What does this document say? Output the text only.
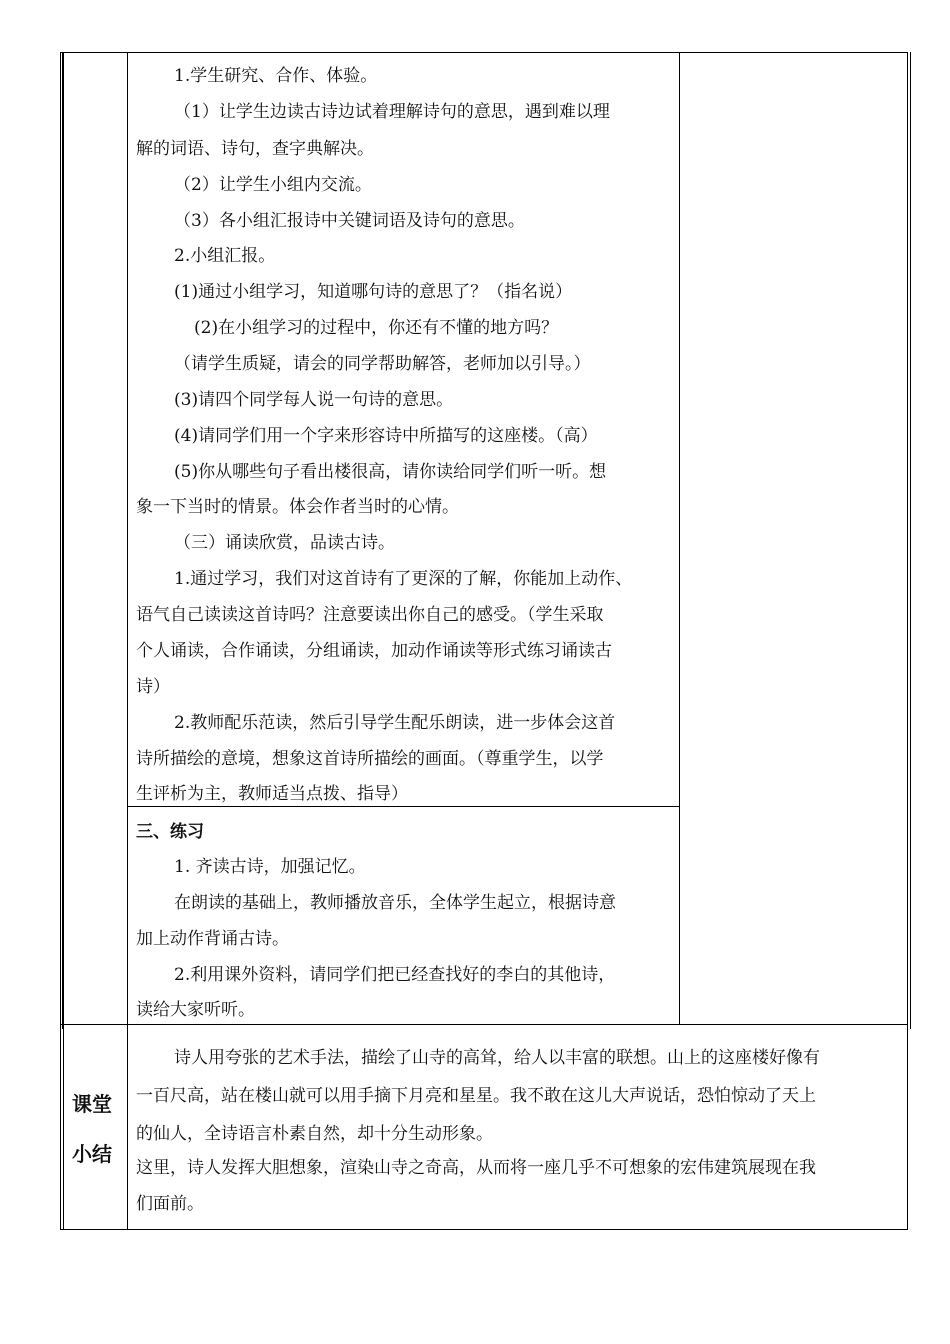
1.学生研究、合作、体验。
（1）让学生边读古诗边试着理解诗句的意思，遇到难以理
解的词语、诗句，查字典解决。
（2）让学生小组内交流。
（3）各小组汇报诗中关键词语及诗句的意思。
2.小组汇报。
(1)通过小组学习，知道哪句诗的意思了？（指名说）
(2)在小组学习的过程中，你还有不懂的地方吗？
（请学生质疑，请会的同学帮助解答，老师加以引导。）
(3)请四个同学每人说一句诗的意思。
(4)请同学们用一个字来形容诗中所描写的这座楼。（高）
(5)你从哪些句子看出楼很高，请你读给同学们听一听。想
象一下当时的情景。体会作者当时的心情。
（三）诵读欣赏，品读古诗。
1.通过学习，我们对这首诗有了更深的了解，你能加上动作、
语气自己读读这首诗吗？注意要读出你自己的感受。（学生采取
个人诵读，合作诵读，分组诵读，加动作诵读等形式练习诵读古
诗）
2.教师配乐范读，然后引导学生配乐朗读，进一步体会这首
诗所描绘的意境，想象这首诗所描绘的画面。（尊重学生，以学
生评析为主，教师适当点拨、指导）
三、练习
1. 齐读古诗，加强记忆。
在朗读的基础上，教师播放音乐，全体学生起立，根据诗意
加上动作背诵古诗。
2.利用课外资料，请同学们把已经查找好的李白的其他诗，
读给大家听听。
课堂
小结
诗人用夸张的艺术手法，描绘了山寺的高耸，给人以丰富的联想。山上的这座楼好像有
一百尺高，站在楼山就可以用手摘下月亮和星星。我不敢在这儿大声说话，恐怕惊动了天上
的仙人，全诗语言朴素自然，却十分生动形象。
这里，诗人发挥大胆想象，渲染山寺之奇高，从而将一座几乎不可想象的宏伟建筑展现在我
们面前。
